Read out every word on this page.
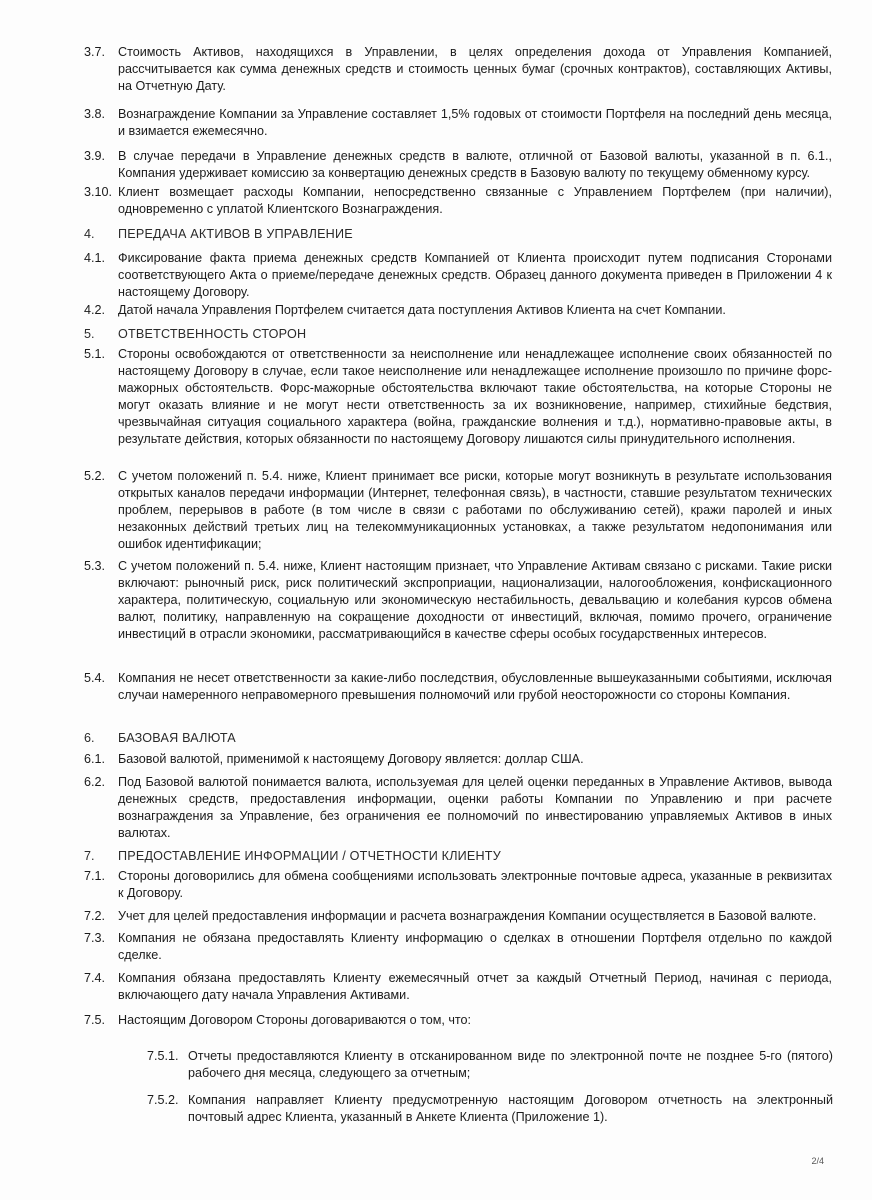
3.7.	Стоимость Активов, находящихся в Управлении, в целях определения дохода от Управления Компанией, рассчитывается как сумма денежных средств и стоимость ценных бумаг (срочных контрактов), составляющих Активы, на Отчетную Дату.
3.8.	Вознаграждение Компании за Управление составляет 1,5% годовых от стоимости Портфеля на последний день месяца, и взимается ежемесячно.
3.9.	В случае передачи в Управление денежных средств в валюте, отличной от Базовой валюты, указанной в п. 6.1., Компания удерживает комиссию за конвертацию денежных средств в Базовую валюту по текущему обменному курсу.
3.10. Клиент возмещает расходы Компании, непосредственно связанные с Управлением Портфелем (при наличии), одновременно с уплатой Клиентского Вознаграждения.
4.	ПЕРЕДАЧА АКТИВОВ В УПРАВЛЕНИЕ
4.1.	Фиксирование факта приема денежных средств Компанией от Клиента происходит путем подписания Сторонами соответствующего Акта о приеме/передаче денежных средств. Образец данного документа приведен в Приложении 4 к настоящему Договору.
4.2.	Датой начала Управления Портфелем считается дата поступления Активов Клиента на счет Компании.
5.	ОТВЕТСТВЕННОСТЬ СТОРОН
5.1.	Стороны освобождаются от ответственности за неисполнение или ненадлежащее исполнение своих обязанностей по настоящему Договору в случае, если такое неисполнение или ненадлежащее исполнение произошло по причине форс-мажорных обстоятельств. Форс-мажорные обстоятельства включают такие обстоятельства, на которые Стороны не могут оказать влияние и не могут нести ответственность за их возникновение, например, стихийные бедствия, чрезвычайная ситуация социального характера (война, гражданские волнения и т.д.), нормативно-правовые акты, в результате действия, которых обязанности по настоящему Договору лишаются силы принудительного исполнения.
5.2.	С учетом положений п. 5.4. ниже, Клиент принимает все риски, которые могут возникнуть в результате использования открытых каналов передачи информации (Интернет, телефонная связь), в частности, ставшие результатом технических проблем, перерывов в работе (в том числе в связи с работами по обслуживанию сетей), кражи паролей и иных незаконных действий третьих лиц на телекоммуникационных установках, а также результатом недопонимания или ошибок идентификации;
5.3.	С учетом положений п. 5.4. ниже, Клиент настоящим признает, что Управление Активам связано с рисками. Такие риски включают: рыночный риск, риск политический экспроприации, национализации, налогообложения, конфискационного характера, политическую, социальную или экономическую нестабильность, девальвацию и колебания курсов обмена валют, политику, направленную на сокращение доходности от инвестиций, включая, помимо прочего, ограничение инвестиций в отрасли экономики, рассматривающийся в качестве сферы особых государственных интересов.
5.4.	Компания не несет ответственности за какие-либо последствия, обусловленные вышеуказанными событиями, исключая случаи намеренного неправомерного превышения полномочий или грубой неосторожности со стороны Компания.
6.	БАЗОВАЯ ВАЛЮТА
6.1.	Базовой валютой, применимой к настоящему Договору является: доллар США.
6.2.	Под Базовой валютой понимается валюта, используемая для целей оценки переданных в Управление Активов, вывода денежных средств, предоставления информации, оценки работы Компании по Управлению и при расчете вознаграждения за Управление, без ограничения ее полномочий по инвестированию управляемых Активов в иных валютах.
7.	ПРЕДОСТАВЛЕНИЕ ИНФОРМАЦИИ / ОТЧЕТНОСТИ КЛИЕНТУ
7.1.	Стороны договорились для обмена сообщениями использовать электронные почтовые адреса, указанные в реквизитах к Договору.
7.2.	Учет для целей предоставления информации и расчета вознаграждения Компании осуществляется в Базовой валюте.
7.3.	Компания не обязана предоставлять Клиенту информацию о сделках в отношении Портфеля отдельно по каждой сделке.
7.4.	Компания обязана предоставлять Клиенту ежемесячный отчет за каждый Отчетный Период, начиная с периода, включающего дату начала Управления Активами.
7.5.	Настоящим Договором Стороны договариваются о том, что:
7.5.1. Отчеты предоставляются Клиенту в отсканированном виде по электронной почте не позднее 5-го (пятого) рабочего дня месяца, следующего за отчетным;
7.5.2. Компания направляет Клиенту предусмотренную настоящим Договором отчетность на электронный почтовый адрес Клиента, указанный в Анкете Клиента (Приложение 1).
2/4
